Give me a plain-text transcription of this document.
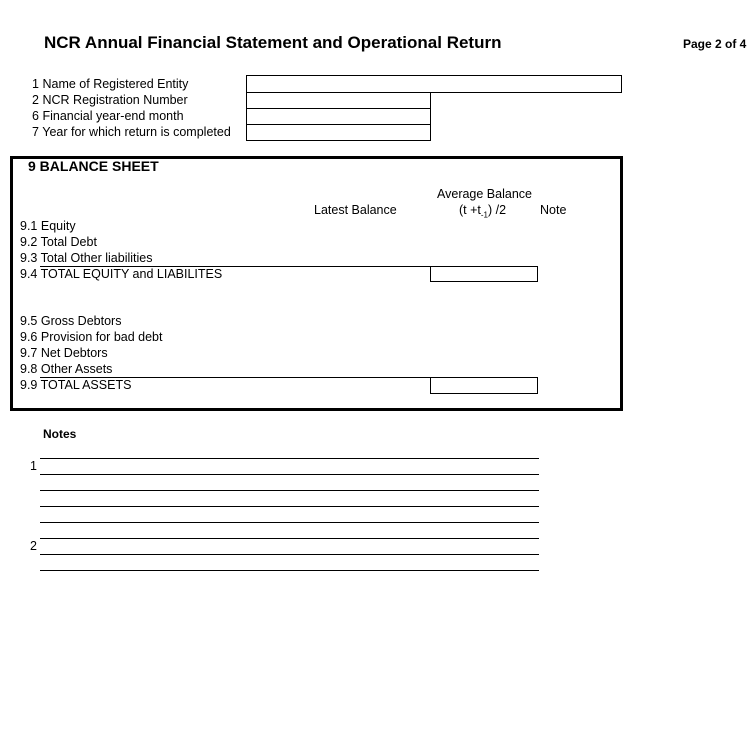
NCR Annual Financial Statement and Operational Return	Page 2 of 4
1 Name of Registered Entity
2 NCR Registration Number
6 Financial year-end month
7 Year for which return is completed
9 BALANCE SHEET
Latest Balance
Average Balance
$(t +t_{-1})$ /2	Note
9.1 Equity
9.2 Total Debt
9.3 Total Other liabilities
9.4 TOTAL EQUITY and LIABILITES
9.5 Gross Debtors
9.6 Provision for bad debt
9.7 Net Debtors
9.8 Other Assets
9.9 TOTAL ASSETS
Notes
1
2
